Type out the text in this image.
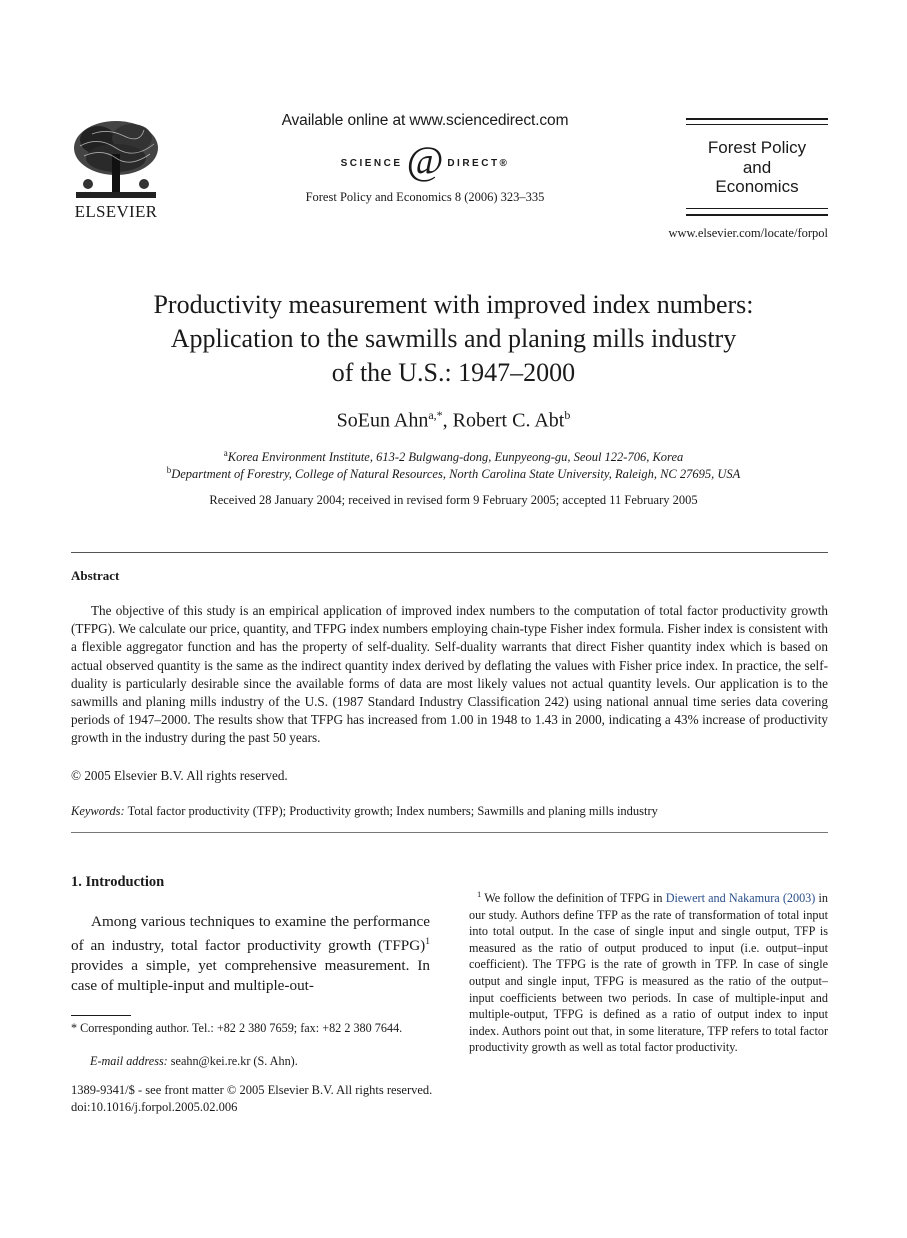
ELSEVIER
Available online at www.sciencedirect.com
SCIENCE @ DIRECT®
Forest Policy and Economics 8 (2006) 323–335
Forest Policy
and
Economics
www.elsevier.com/locate/forpol
Productivity measurement with improved index numbers:
Application to the sawmills and planing mills industry
of the U.S.: 1947–2000
SoEun Ahn$^{a,*}$, Robert C. Abt$^b$
$^a$Korea Environment Institute, 613-2 Bulgwang-dong, Eunpyeong-gu, Seoul 122-706, Korea
$^b$Department of Forestry, College of Natural Resources, North Carolina State University, Raleigh, NC 27695, USA
Received 28 January 2004; received in revised form 9 February 2005; accepted 11 February 2005
Abstract
The objective of this study is an empirical application of improved index numbers to the computation of total factor productivity growth (TFPG). We calculate our price, quantity, and TFPG index numbers employing chain-type Fisher index formula. Fisher index is consistent with a flexible aggregator function and has the property of self-duality. Self-duality warrants that direct Fisher quantity index which is based on actual observed quantity is the same as the indirect quantity index derived by deflating the values with Fisher price index. In practice, the self-duality is particularly desirable since the available forms of data are most likely values not actual quantity levels. Our application is to the sawmills and planing mills industry of the U.S. (1987 Standard Industry Classification 242) using national annual time series data covering periods of 1947–2000. The results show that TFPG has increased from 1.00 in 1948 to 1.43 in 2000, indicating a 43% increase of productivity growth in the industry during the past 50 years.
© 2005 Elsevier B.V. All rights reserved.
Keywords: Total factor productivity (TFP); Productivity growth; Index numbers; Sawmills and planing mills industry
1. Introduction
Among various techniques to examine the performance of an industry, total factor productivity growth (TFPG)$^1$ provides a simple, yet comprehensive measurement. In case of multiple-input and multiple-out-
* Corresponding author. Tel.: +82 2 380 7659; fax: +82 2 380 7644.
E-mail address: seahn@kei.re.kr (S. Ahn).
1389-9341/$ - see front matter © 2005 Elsevier B.V. All rights reserved.
doi:10.1016/j.forpol.2005.02.006
$^1$ We follow the definition of TFPG in Diewert and Nakamura (2003) in our study. Authors define TFP as the rate of transformation of total input into total output. In the case of single input and single output, TFP is measured as the ratio of output produced to input (i.e. output–input coefficient). The TFPG is the rate of growth in TFP. In case of single output and single input, TFPG is measured as the ratio of the output–input coefficients between two periods. In case of multiple-input and multiple-output, TFPG is defined as a ratio of output index to input index. Authors point out that, in some literature, TFP refers to total factor productivity growth as well as total factor productivity.
